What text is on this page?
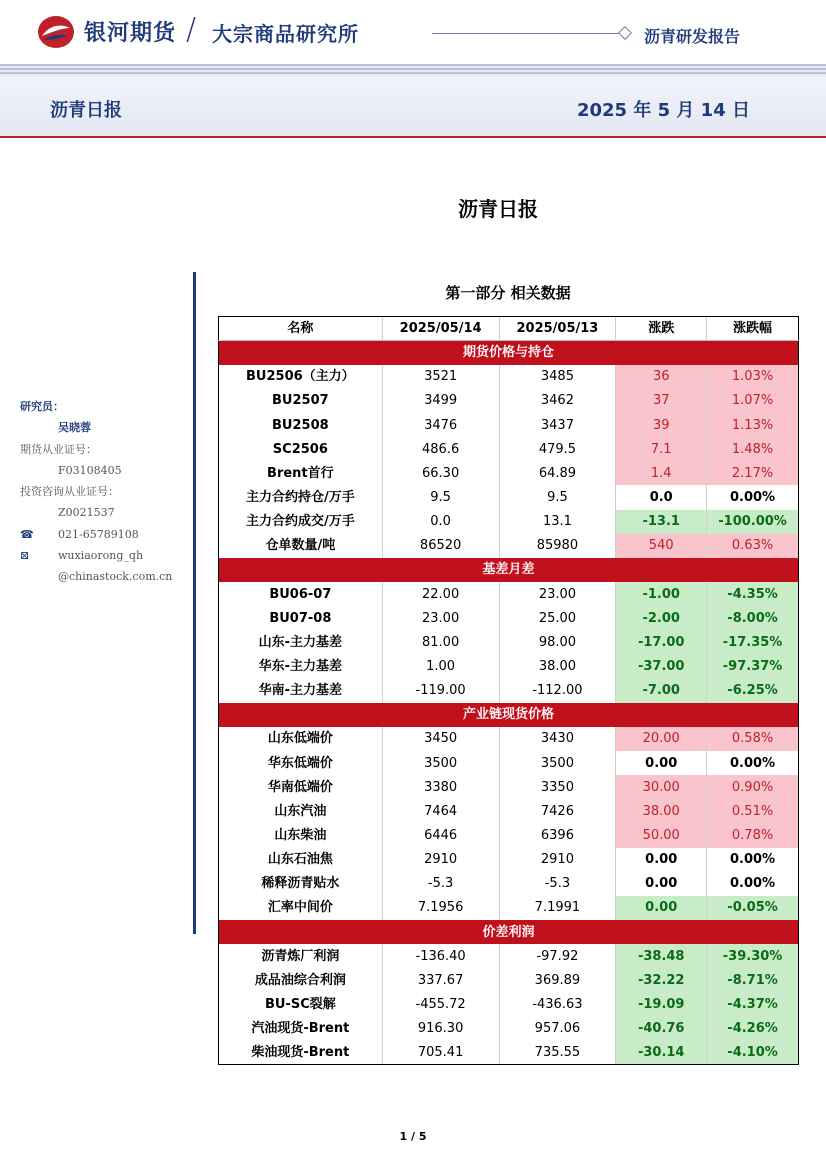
银河期货 / 大宗商品研究所	沥青研发报告
沥青日报	2025 年 5 月 14 日
沥青日报
研究员：
吴晓蓉
期货从业证号：
F03108405
投资咨询从业证号：
Z0021537
☎ 021-65789108
⊠	wuxiaorong_qh
@chinastock.com.cn
第一部分 相关数据
名称	2025/05/14	2025/05/13	涨跌	涨跌幅
期货价格与持仓				
BU2506（主力）	3521	3485	36	1.03%
BU2507	3499	3462	37	1.07%
BU2508	3476	3437	39	1.13%
SC2506	486.6	479.5	7.1	1.48%
Brent首行	66.30	64.89	1.4	2.17%
主力合约持仓/万手	9.5	9.5	0.0	0.00%
主力合约成交/万手	0.0	13.1	-13.1	-100.00%
仓单数量/吨	86520	85980	540	0.63%
基差月差				
BU06-07	22.00	23.00	-1.00	-4.35%
BU07-08	23.00	25.00	-2.00	-8.00%
山东-主力基差	81.00	98.00	-17.00	-17.35%
华东-主力基差	1.00	38.00	-37.00	-97.37%
华南-主力基差	-119.00	-112.00	-7.00	-6.25%
产业链现货价格				
山东低端价	3450	3430	20.00	0.58%
华东低端价	3500	3500	0.00	0.00%
华南低端价	3380	3350	30.00	0.90%
山东汽油	7464	7426	38.00	0.51%
山东柴油	6446	6396	50.00	0.78%
山东石油焦	2910	2910	0.00	0.00%
稀释沥青贴水	-5.3	-5.3	0.00	0.00%
汇率中间价	7.1956	7.1991	0.00	-0.05%
价差利润				
沥青炼厂利润	-136.40	-97.92	-38.48	-39.30%
成品油综合利润	337.67	369.89	-32.22	-8.71%
BU-SC裂解	-455.72	-436.63	-19.09	-4.37%
汽油现货-Brent	916.30	957.06	-40.76	-4.26%
柴油现货-Brent	705.41	735.55	-30.14	-4.10%
1 / 5
